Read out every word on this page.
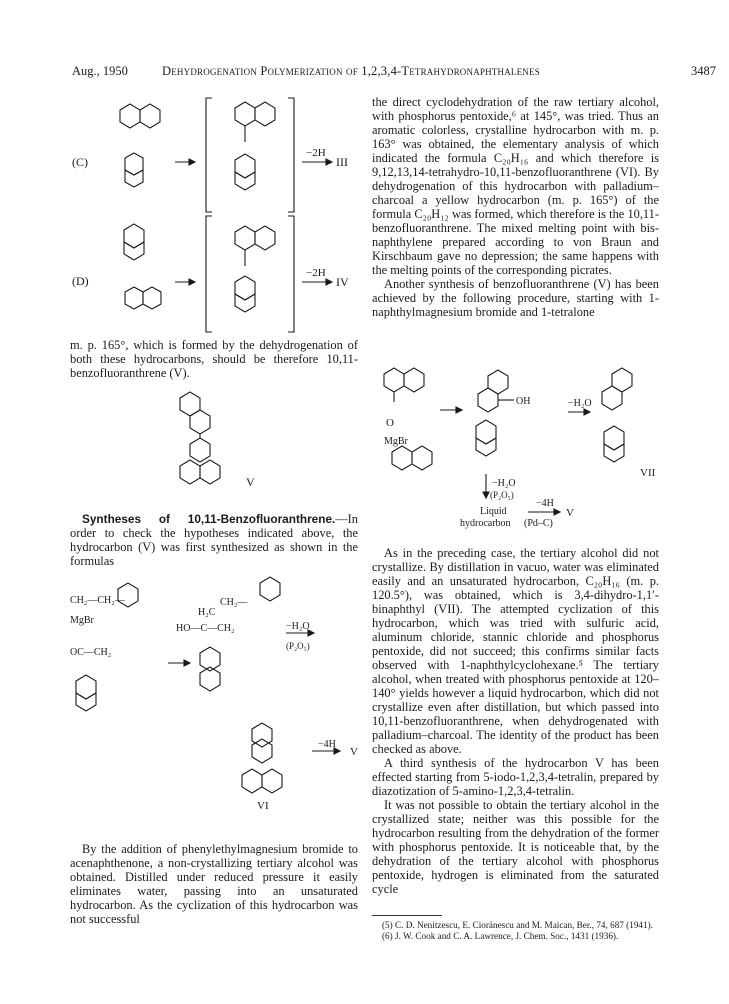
Aug., 1950	Dehydrogenation Polymerization of 1,2,3,4-Tetrahydronaphthalenes	3487
(C)
−2H
III
(D)
−2H
IV

m. p. 165°, which is formed by the dehydrogenation of both these hydrocarbons, should be therefore 10,11-benzofluoranthrene (V).

V

Syntheses of 10,11-Benzofluoranthrene.—In order to check the hypotheses indicated above, the hydrocarbon (V) was first synthesized as shown in the formulas

CH₂—CH₂—
MgBr
OC—CH₂
CH₂—
H₂C
HO—C—CH₂	−H₂O
(P₂O₅)
−4H
V
VI

By the addition of phenylethylmagnesium bromide to acenaphthenone, a non-crystallizing tertiary alcohol was obtained. Distilled under reduced pressure it easily eliminates water, passing into an unsaturated hydrocarbon. As the cyclization of this hydrocarbon was not successful

the direct cyclodehydration of the raw tertiary alcohol, with phosphorus pentoxide,⁶ at 145°, was tried. Thus an aromatic colorless, crystalline hydrocarbon with m. p. 163° was obtained, the elementary analysis of which indicated the formula C₂₀H₁₆ and which therefore is 9,12,13,14-tetrahydro-10,11-benzofluoranthrene (VI). By dehydrogenation of this hydrocarbon with palladium–charcoal a yellow hydrocarbon (m. p. 165°) of the formula C₂₀H₁₂ was formed, which therefore is the 10,11-benzofluoranthrene. The mixed melting point with bis-naphthylene prepared according to von Braun and Kirschbaum gave no depression; the same happens with the melting points of the corresponding picrates.

Another synthesis of benzofluoranthrene (V) has been achieved by the following procedure, starting with 1-naphthylmagnesium bromide and 1-tetralone

O
MgBr
OH	−H₂O
VII
−H₂O
(P₂O₅)
Liquid
hydrocarbon
−4H
(Pd–C)
V

As in the preceding case, the tertiary alcohol did not crystallize. By distillation in vacuo, water was eliminated easily and an unsaturated hydrocarbon, C₂₀H₁₆ (m. p. 120.5°), was obtained, which is 3,4-dihydro-1,1′-binaphthyl (VII). The attempted cyclization of this hydrocarbon, which was tried with sulfuric acid, aluminum chloride, stannic chloride and phosphorus pentoxide, did not succeed; this confirms similar facts observed with 1-naphthylcyclohexane.⁵ The tertiary alcohol, when treated with phosphorus pentoxide at 120–140° yields however a liquid hydrocarbon, which did not crystallize even after distillation, but which passed into 10,11-benzofluoranthrene, when dehydrogenated with palladium–charcoal. The identity of the product has been checked as above.

A third synthesis of the hydrocarbon V has been effected starting from 5-iodo-1,2,3,4-tetralin, prepared by diazotization of 5-amino-1,2,3,4-tetralin.

It was not possible to obtain the tertiary alcohol in the crystallized state; neither was this possible for the hydrocarbon resulting from the dehydration of the former with phosphorus pentoxide. It is noticeable that, by the dehydration of the tertiary alcohol with phosphorus pentoxide, hydrogen is eliminated from the saturated cycle

(5) C. D. Nenitzescu, E. Cioränescu and M. Maican, Ber., 74, 687 (1941).

(6) J. W. Cook and C. A. Lawrence, J. Chem. Soc., 1431 (1936).
